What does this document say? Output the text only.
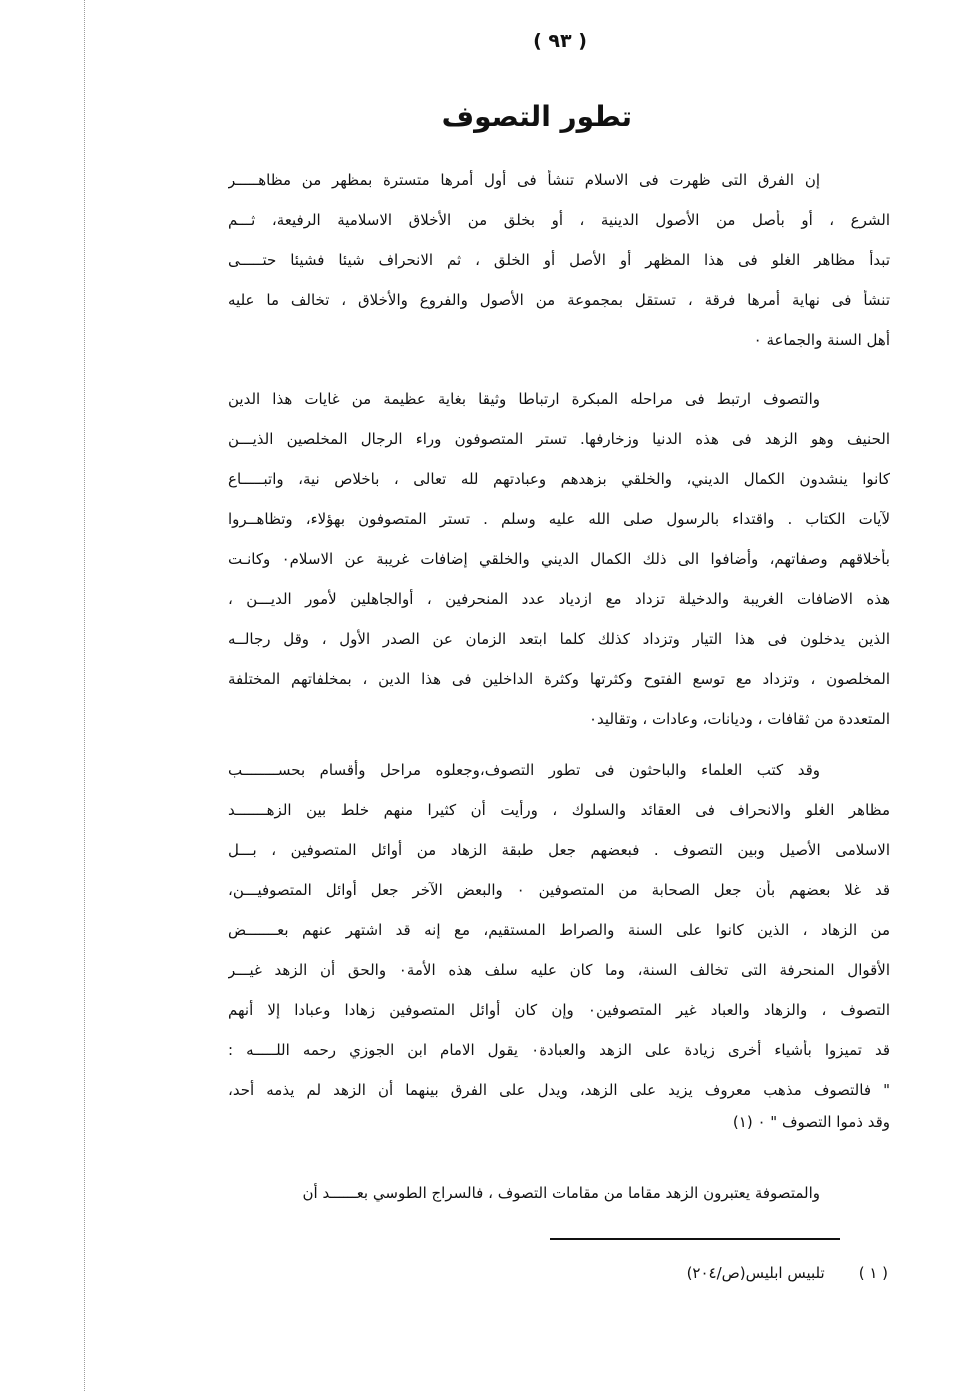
( ٩٣ )
تطور التصوف
إن الفرق التى ظهرت فى الاسلام تنشأ فى أول أمرها متسترة بمظهر من مظاهـــــر
الشرع ، أو بأصل من الأصول الدينية ، أو بخلق من الأخلاق الاسلامية الرفيعة، ثـــم
تبدأ مظاهر الغلو فى هذا المظهر أو الأصل أو الخلق ، ثم الانحراف شيئا فشيئا حتـــــى
تنشأ فى نهاية أمرها فرقة ، تستقل بمجموعة من الأصول والفروع والأخلاق ، تخالف ما عليه
أهل السنة والجماعة ٠
والتصوف ارتبط فى مراحله المبكرة ارتباطا وثيقا بغاية عظيمة من غايات هذا الدين
الحنيف وهو الزهد فى هذه الدنيا وزخارفها. تستر المتصوفون وراء الرجال المخلصين الذيـــن
كانوا ينشدون الكمال الديني، والخلقي بزهدهم وعبادتهم لله تعالى ، باخلاص نية، واتبـــــاع
لآيات الكتاب . واقتداء بالرسول صلى الله عليه وسلم . تستر المتصوفون بهؤلاء، وتظاهــروا
بأخلاقهم وصفاتهم، وأضافوا الى ذلك الكمال الديني والخلقي إضافات غريبة عن الاسلام٠ وكانـت
هذه الاضافات الغريبة والدخيلة تزداد مع ازدياد عدد المنحرفين ، أوالجاهلين لأمور الديـــن ،
الذين يدخلون فى هذا التيار وتزداد كذلك كلما ابتعد الزمان عن الصدر الأول ، وقل رجالــه
المخلصون ، وتزداد مع توسع الفتوح وكثرتها وكثرة الداخلين فى هذا الدين ، بمخلفاتهم المختلفة
المتعددة من ثقافات ، وديانات، وعادات ، وتقاليد٠
وقد كتب العلماء والباحثون فى تطور التصوف،وجعلوه مراحل وأقسام بحســــــــب
مظاهر الغلو والانحراف فى العقائد والسلوك ، ورأيت أن كثيرا منهم خلط بين الزهـــــــد
الاسلامى الأصيل وبين التصوف . فبعضهم جعل طبقة الزهاد من أوائل المتصوفين ، بـــل
قد غلا بعضهم بأن جعل الصحابة من المتصوفين ٠ والبعض الآخر جعل أوائل المتصوفيـــن،
من الزهاد ، الذين كانوا على السنة والصراط المستقيم، مع إنه قد اشتهر عنهم بعـــــــض
الأقوال المنحرفة التى تخالف السنة، وما كان عليه سلف هذه الأمة٠ والحق أن الزهد غيـــر
التصوف ، والزهاد والعباد غير المتصوفين٠ وإن كان أوائل المتصوفين زهادا وعبادا إلا أنهم
قد تميزوا بأشياء أخرى زيادة على الزهد والعبادة٠ يقول الامام ابن الجوزي رحمه اللـــــه :
" فالتصوف مذهب معروف يزيد على الزهد، ويدل على الفرق بينهما أن الزهد لم يذمه أحد،
وقد ذموا التصوف " ٠ (١)
والمتصوفة يعتبرون الزهد مقاما من مقامات التصوف ، فالسراج الطوسي بعــــــد أن
( ١ )تلبيس ابليس(ص/٢٠٤)
